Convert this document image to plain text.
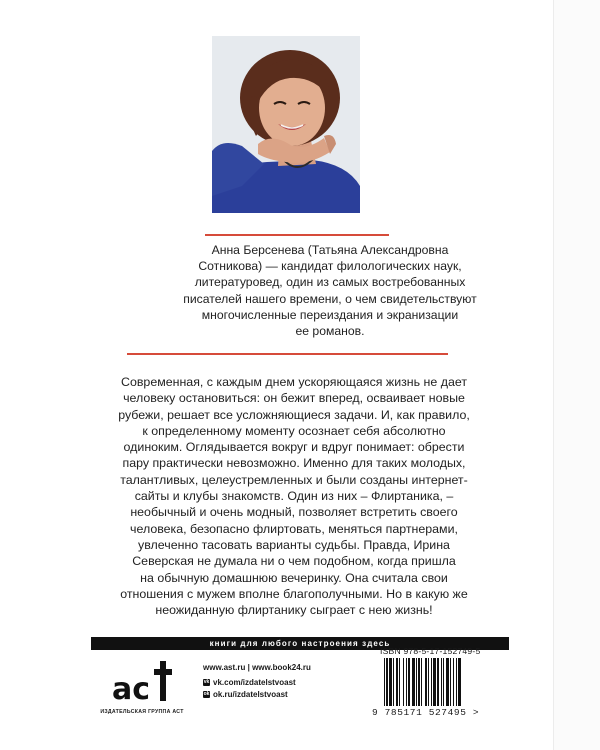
Анна Берсенева (Татьяна Александровна
Сотникова) — кандидат филологических наук,
литературовед, один из самых востребованных
писателей нашего времени, о чем свидетельствуют
многочисленные переиздания и экранизации
ее романов.

Современная, с каждым днем ускоряющаяся жизнь не дает
человеку остановиться: он бежит вперед, осваивает новые
рубежи, решает все усложняющиеся задачи. И, как правило,
к определенному моменту осознает себя абсолютно
одиноким. Оглядывается вокруг и вдруг понимает: обрести
пару практически невозможно. Именно для таких молодых,
талантливых, целеустремленных и были созданы интернет-
сайты и клубы знакомств. Один из них – Флиртаника, –
необычный и очень модный, позволяет встретить своего
человека, безопасно флиртовать, меняться партнерами,
увлеченно тасовать варианты судьбы. Правда, Ирина
Северская не думала ни о чем подобном, когда пришла
на обычную домашнюю вечеринку. Она считала свои
отношения с мужем вполне благополучными. Но в какую же
неожиданную флиртанику сыграет с нею жизнь!

книги для любого настроения здесь
ас
ИЗДАТЕЛЬСКАЯ ГРУППА АСТ
www.ast.ru | www.book24.ru
vk vk.com/izdatelstvoast
ok ok.ru/izdatelstvoast
ISBN 978-5-17-152749-5
9 785171 527495 >
